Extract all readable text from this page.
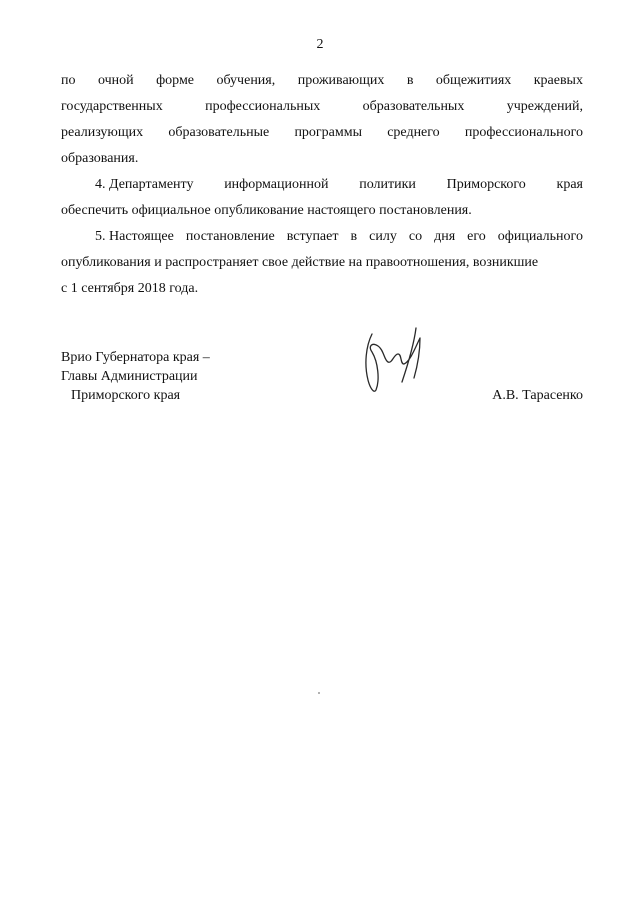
2
по очной форме обучения, проживающих в общежитиях краевых
государственных	профессиональных	образовательных	учреждений,
реализующих образовательные программы среднего профессионального
образования.
4. Департаменту информационной политики Приморского края
обеспечить официальное опубликование настоящего постановления.
5. Настоящее постановление вступает в силу со дня его официального
опубликования и распространяет свое действие на правоотношения, возникшие
с 1 сентября 2018 года.
Врио Губернатора края –
Главы Администрации
Приморского края	А.В. Тарасенко
